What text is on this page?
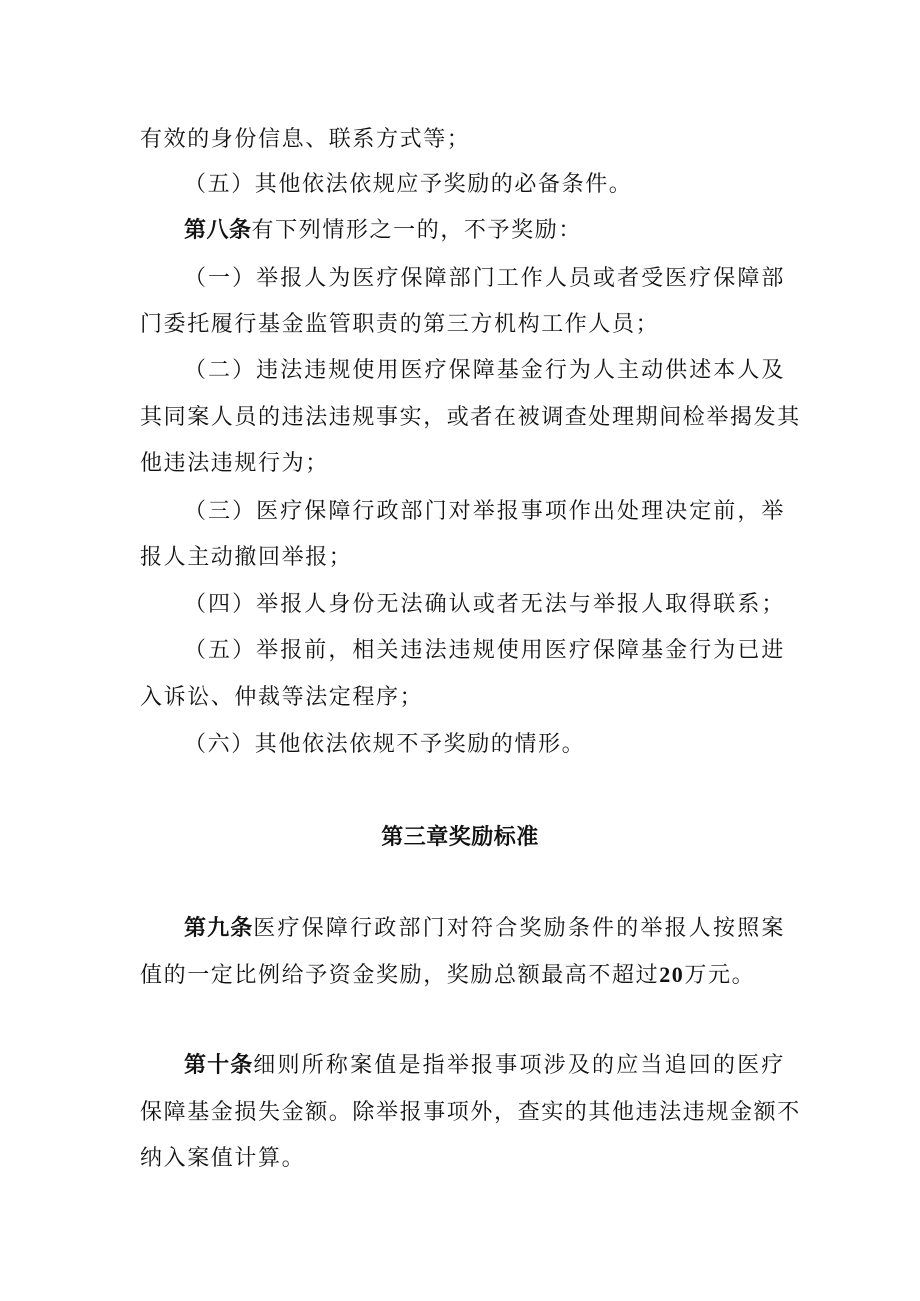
有效的身份信息、联系方式等；
（五）其他依法依规应予奖励的必备条件。
第八条有下列情形之一的，不予奖励：
（一）举报人为医疗保障部门工作人员或者受医疗保障部
门委托履行基金监管职责的第三方机构工作人员；
（二）违法违规使用医疗保障基金行为人主动供述本人及
其同案人员的违法违规事实，或者在被调查处理期间检举揭发其
他违法违规行为；
（三）医疗保障行政部门对举报事项作出处理决定前，举
报人主动撤回举报；
（四）举报人身份无法确认或者无法与举报人取得联系；
（五）举报前，相关违法违规使用医疗保障基金行为已进
入诉讼、仲裁等法定程序；
（六）其他依法依规不予奖励的情形。
第三章奖励标准
第九条医疗保障行政部门对符合奖励条件的举报人按照案
值的一定比例给予资金奖励，奖励总额最高不超过20万元。
第十条细则所称案值是指举报事项涉及的应当追回的医疗
保障基金损失金额。除举报事项外，查实的其他违法违规金额不
纳入案值计算。
